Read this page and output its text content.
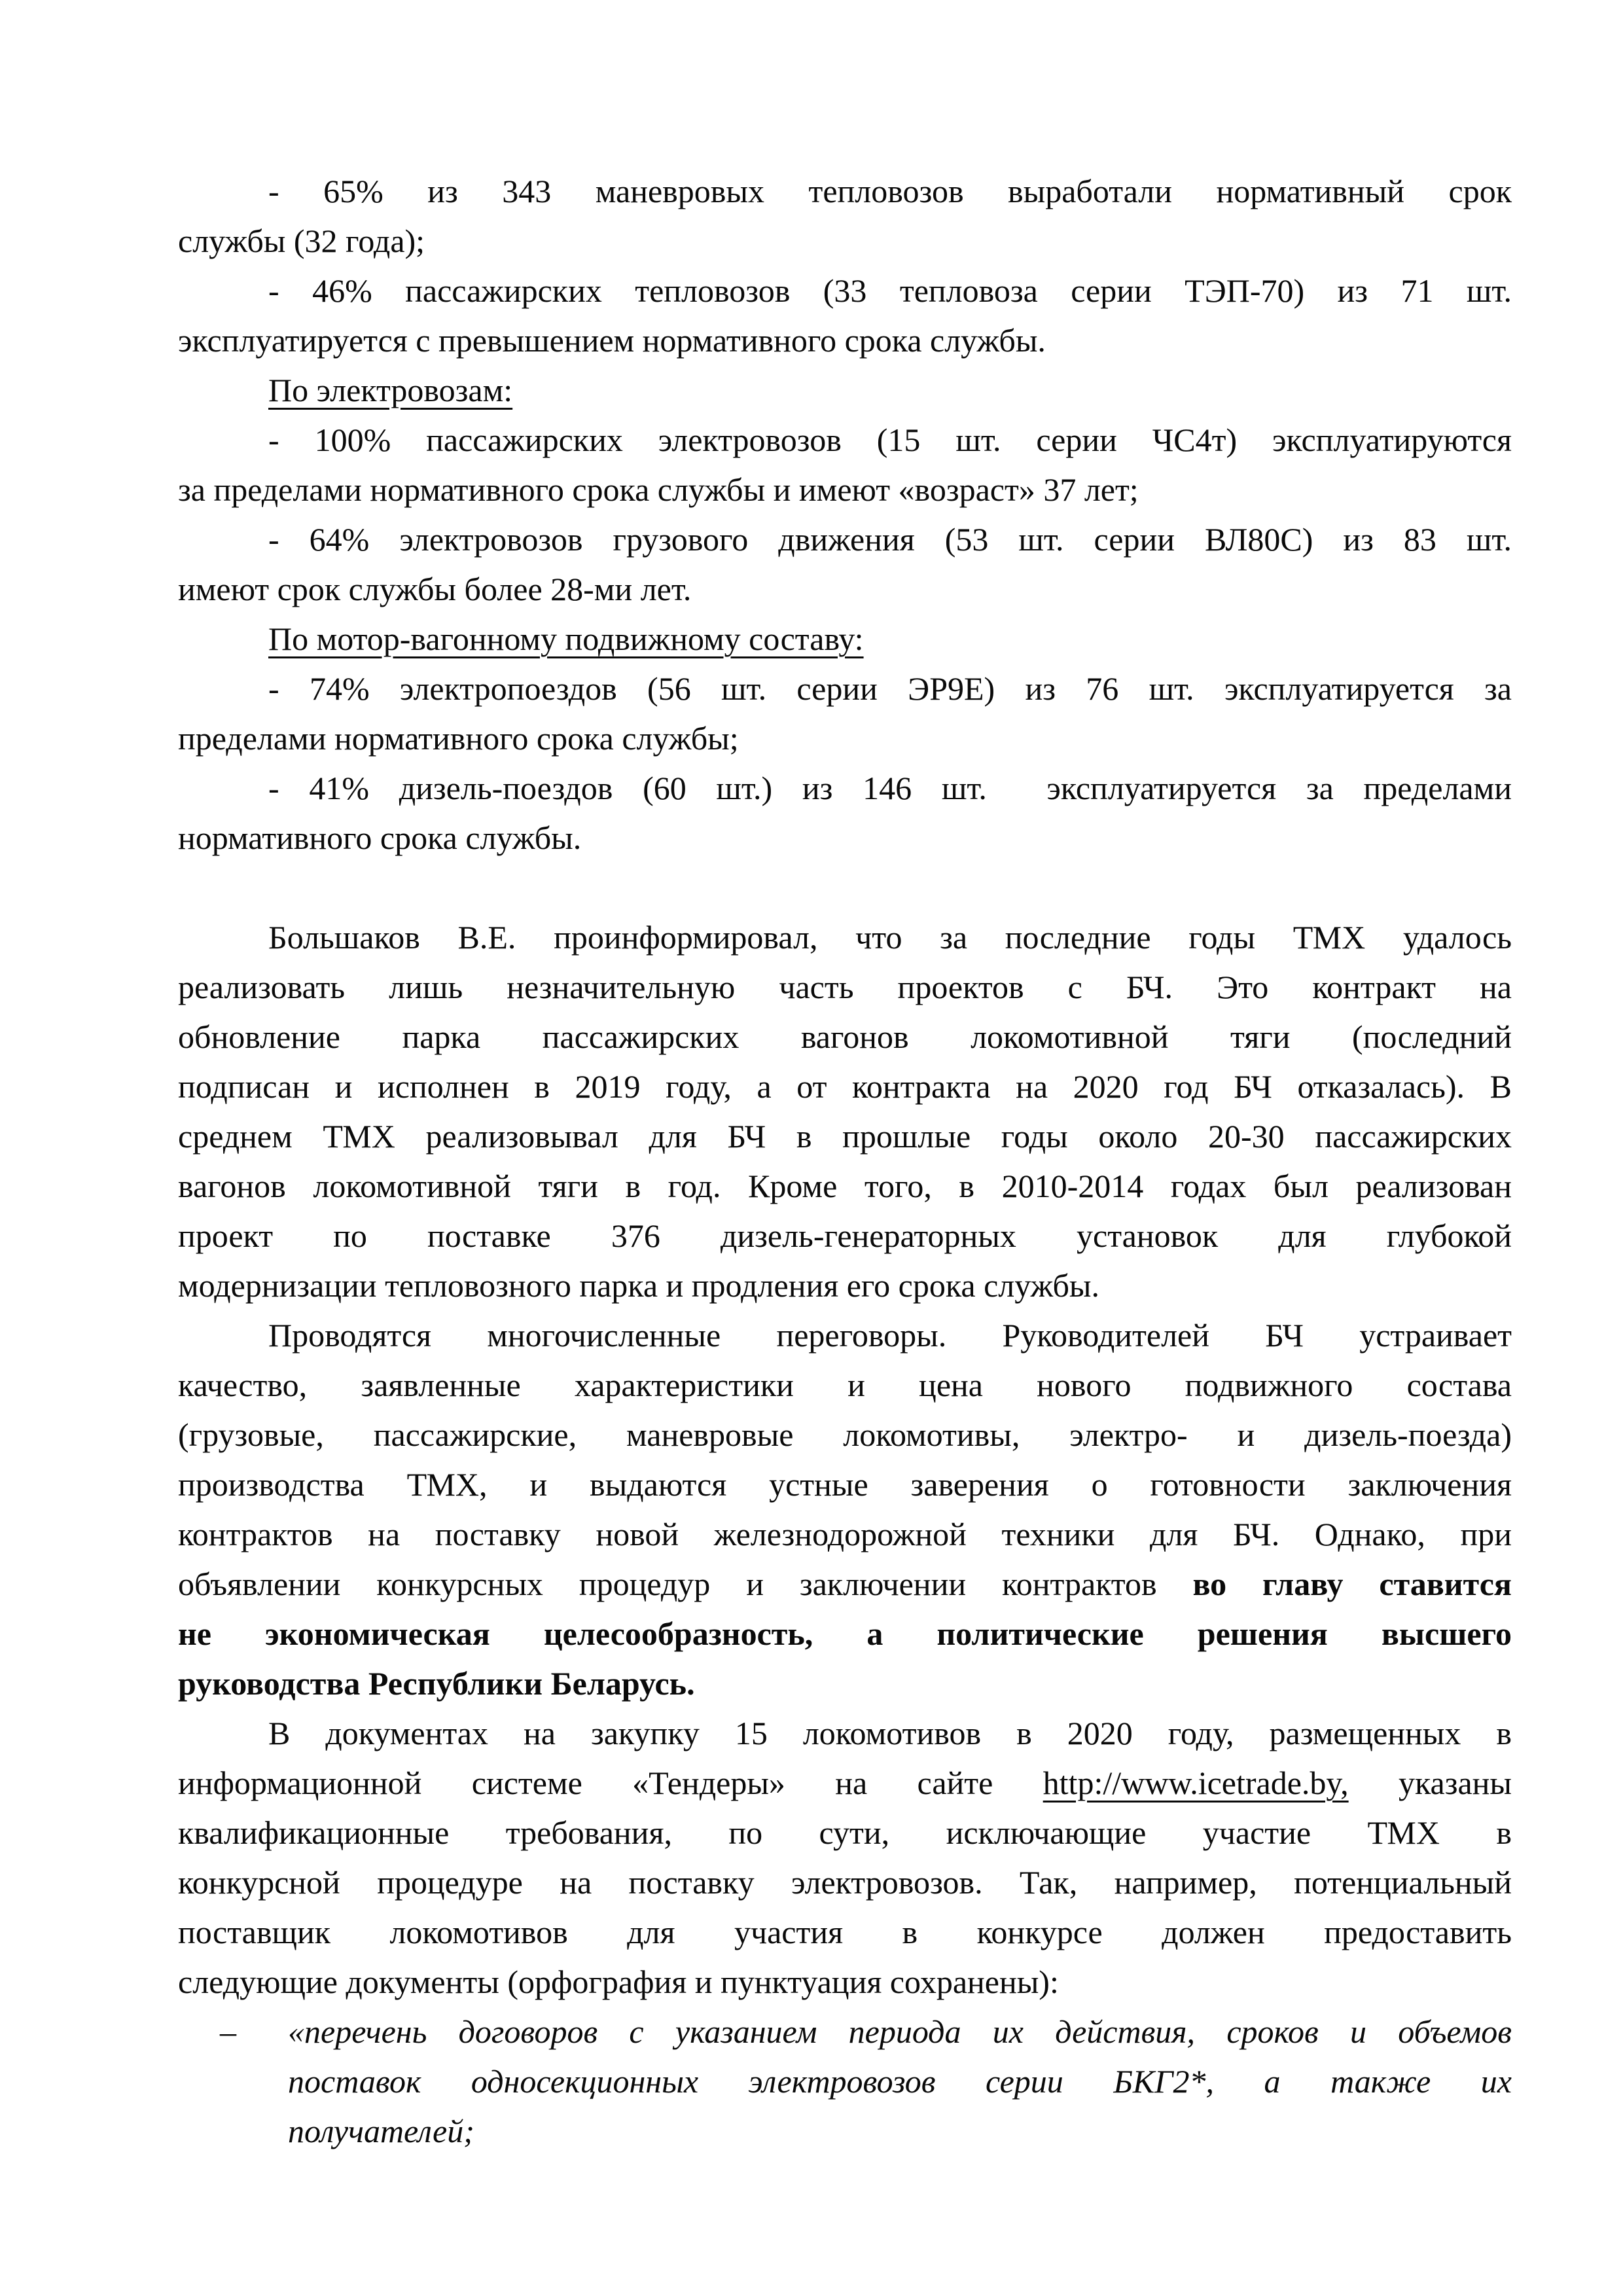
- 65% из 343 маневровых тепловозов выработали нормативный срок
службы (32 года);
- 46% пассажирских тепловозов (33 тепловоза серии ТЭП-70) из 71 шт.
эксплуатируется с превышением нормативного срока службы.
По электровозам:
- 100% пассажирских электровозов (15 шт. серии ЧС4т) эксплуатируются
за пределами нормативного срока службы и имеют «возраст» 37 лет;
- 64% электровозов грузового движения (53 шт. серии ВЛ80С) из 83 шт.
имеют срок службы более 28-ми лет.
По мотор-вагонному подвижному составу:
- 74% электропоездов (56 шт. серии ЭР9Е) из 76 шт. эксплуатируется за
пределами нормативного срока службы;
- 41% дизель-поездов (60 шт.) из 146 шт.  эксплуатируется за пределами
нормативного срока службы.
Большаков В.Е. проинформировал, что за последние годы ТМХ удалось
реализовать лишь незначительную часть проектов с БЧ. Это контракт на
обновление парка пассажирских вагонов локомотивной тяги (последний
подписан и исполнен в 2019 году, а от контракта на 2020 год БЧ отказалась). В
среднем ТМХ реализовывал для БЧ в прошлые годы около 20-30 пассажирских
вагонов локомотивной тяги в год. Кроме того, в 2010-2014 годах был реализован
проект по поставке 376 дизель-генераторных установок для глубокой
модернизации тепловозного парка и продления его срока службы.
Проводятся многочисленные переговоры. Руководителей БЧ устраивает
качество, заявленные характеристики и цена нового подвижного состава
(грузовые, пассажирские, маневровые локомотивы, электро- и дизель-поезда)
производства ТМХ, и выдаются устные заверения о готовности заключения
контрактов на поставку новой железнодорожной техники для БЧ. Однако, при
объявлении конкурсных процедур и заключении контрактов во главу ставится
не экономическая целесообразность, а политические решения высшего
руководства Республики Беларусь.
В документах на закупку 15 локомотивов в 2020 году, размещенных в
информационной системе «Тендеры» на сайте http://www.icetrade.by, указаны
квалификационные требования, по сути, исключающие участие ТМХ в
конкурсной процедуре на поставку электровозов. Так, например, потенциальный
поставщик локомотивов для участия в конкурсе должен предоставить
следующие документы (орфография и пунктуация сохранены):
– «перечень договоров с указанием периода их действия, сроков и объемов
поставок односекционных электровозов серии БКГ2*, а также их
получателей;
